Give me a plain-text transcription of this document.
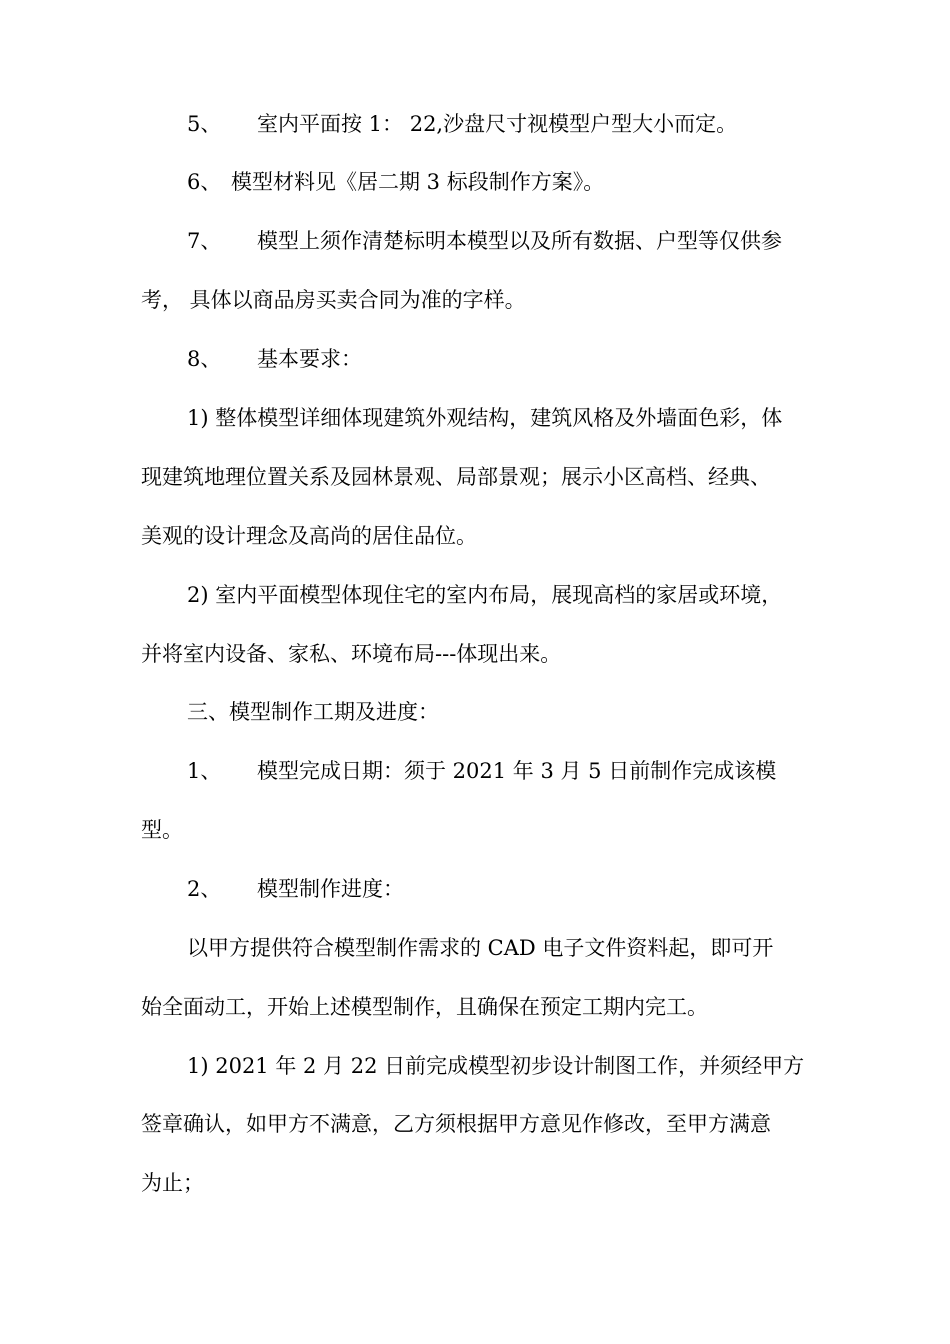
5、 室内平面按 1： 22,沙盘尺寸视模型户型大小而定。
6、 模型材料见《居二期 3 标段制作方案》。
7、 模型上须作清楚标明本模型以及所有数据、户型等仅供参
考， 具体以商品房买卖合同为准的字样。
8、 基本要求：
1) 整体模型详细体现建筑外观结构，建筑风格及外墙面色彩，体
现建筑地理位置关系及园林景观、局部景观；展示小区高档、经典、
美观的设计理念及高尚的居住品位。
2) 室内平面模型体现住宅的室内布局，展现高档的家居或环境，
并将室内设备、家私、环境布局---体现出来。
三、模型制作工期及进度：
1、 模型完成日期：须于 2021 年 3 月 5 日前制作完成该模
型。
2、 模型制作进度：
以甲方提供符合模型制作需求的 CAD 电子文件资料起，即可开
始全面动工，开始上述模型制作，且确保在预定工期内完工。
1) 2021 年 2 月 22 日前完成模型初步设计制图工作，并须经甲方
签章确认，如甲方不满意，乙方须根据甲方意见作修改，至甲方满意
为止；
